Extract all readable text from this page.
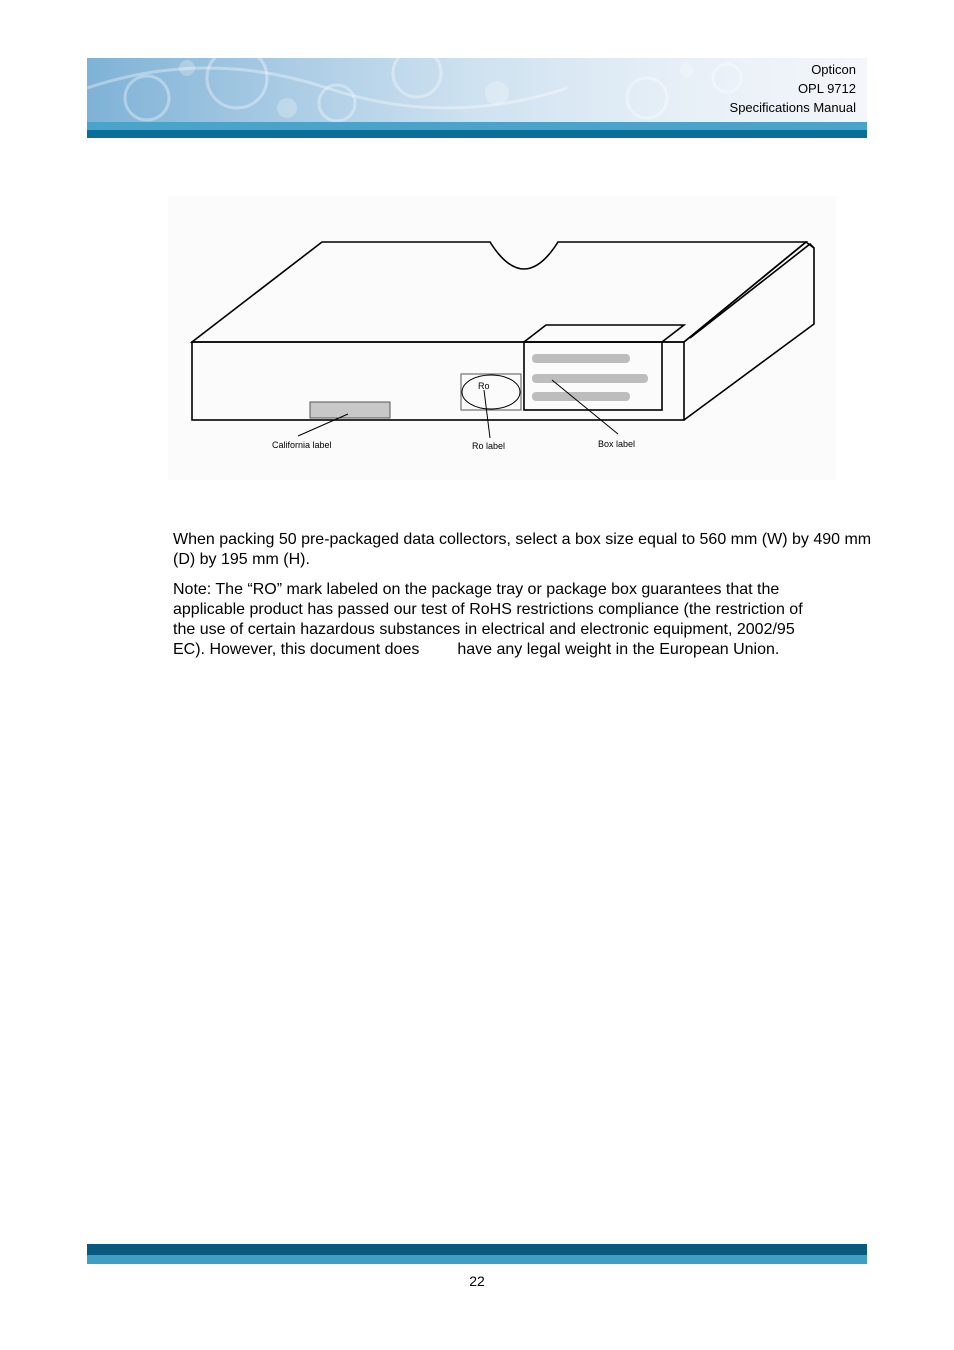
Opticon
OPL 9712
Specifications Manual
Ro
California label	Ro label	Box label

When packing 50 pre-packaged data collectors, select a box size equal to 560 mm (W) by 490 mm (D) by 195 mm (H).

Note: The “RO” mark labeled on the package tray or package box guarantees that the
applicable product has passed our test of RoHS restrictions compliance (the restriction of
the use of certain hazardous substances in electrical and electronic equipment, 2002/95
EC). However, this document does have any legal weight in the European Union.

22
